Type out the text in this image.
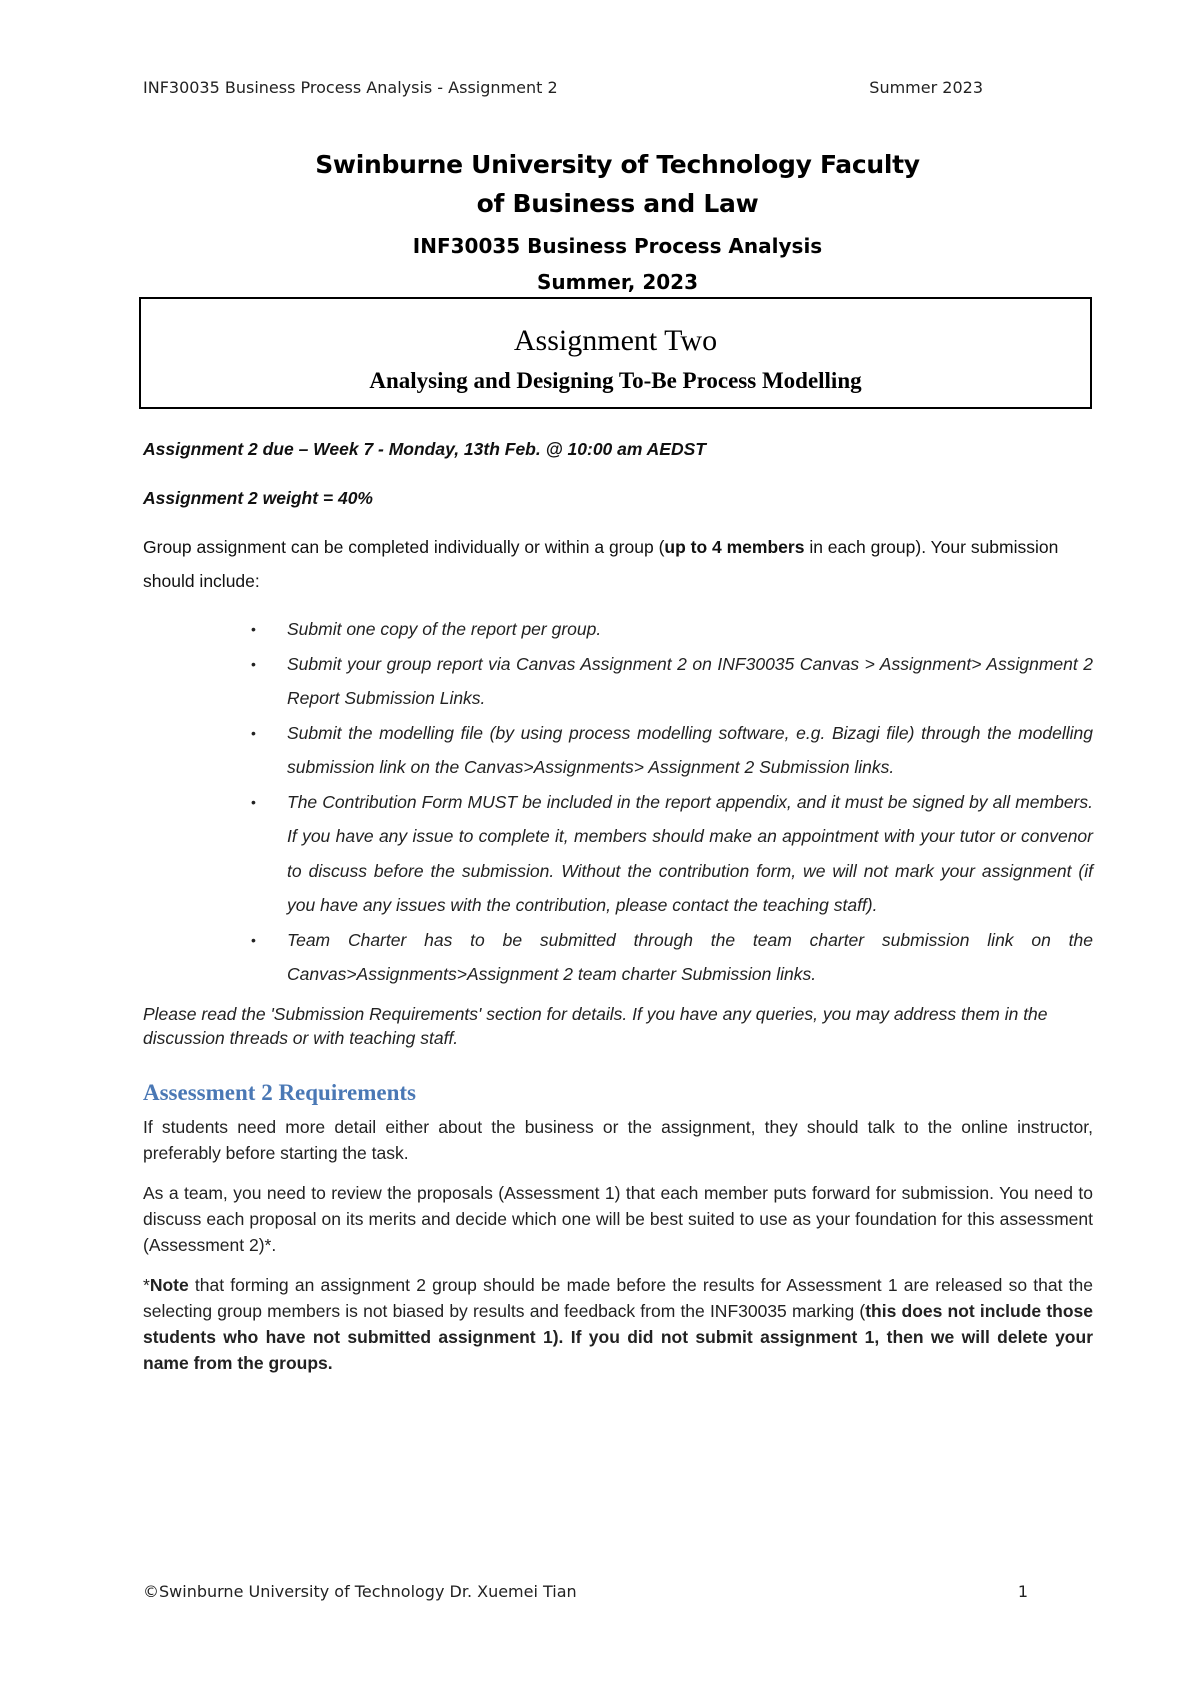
INF30035 Business Process Analysis - Assignment 2	Summer 2023
Swinburne University of Technology Faculty of Business and Law
INF30035 Business Process Analysis
Summer, 2023
Assignment Two
Analysing and Designing To-Be Process Modelling

Assignment 2 due – Week 7 - Monday, 13th Feb. @ 10:00 am AEDST

Assignment 2 weight = 40%

Group assignment can be completed individually or within a group (up to 4 members in each group). Your submission should include:

• Submit one copy of the report per group.
• Submit your group report via Canvas Assignment 2 on INF30035 Canvas > Assignment> Assignment 2 Report Submission Links.
• Submit the modelling file (by using process modelling software, e.g. Bizagi file) through the modelling submission link on the Canvas>Assignments> Assignment 2 Submission links.
• The Contribution Form MUST be included in the report appendix, and it must be signed by all members. If you have any issue to complete it, members should make an appointment with your tutor or convenor to discuss before the submission. Without the contribution form, we will not mark your assignment (if you have any issues with the contribution, please contact the teaching staff).
• Team Charter has to be submitted through the team charter submission link on the Canvas>Assignments>Assignment 2 team charter Submission links.

Please read the 'Submission Requirements' section for details. If you have any queries, you may address them in the discussion threads or with teaching staff.

Assessment 2 Requirements

If students need more detail either about the business or the assignment, they should talk to the online instructor, preferably before starting the task.

As a team, you need to review the proposals (Assessment 1) that each member puts forward for submission. You need to discuss each proposal on its merits and decide which one will be best suited to use as your foundation for this assessment (Assessment 2)*.

*Note that forming an assignment 2 group should be made before the results for Assessment 1 are released so that the selecting group members is not biased by results and feedback from the INF30035 marking (this does not include those students who have not submitted assignment 1). If you did not submit assignment 1, then we will delete your name from the groups.

©Swinburne University of Technology Dr. Xuemei Tian	1
